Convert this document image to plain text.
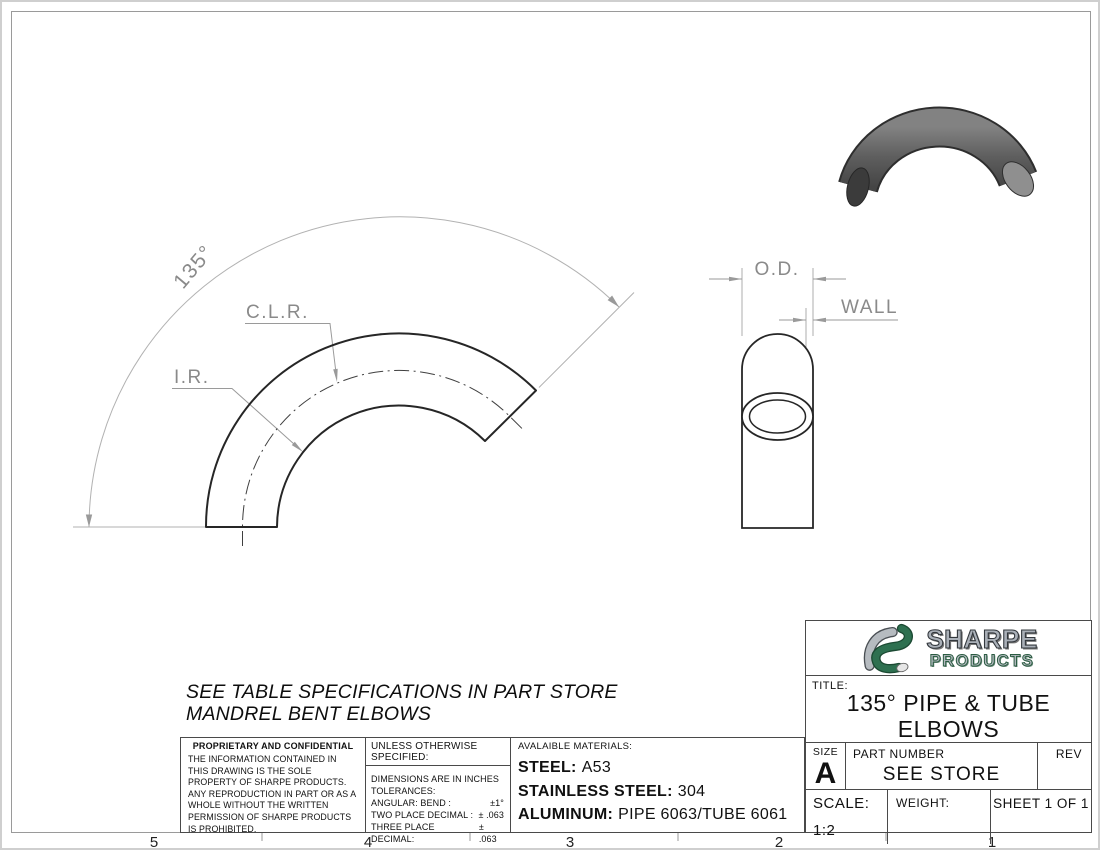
135°
C.L.R.
I.R.
O.D.
WALL
5	4	3	2	1
SEE TABLE SPECIFICATIONS IN PART STORE
MANDREL BENT ELBOWS
PROPRIETARY AND CONFIDENTIAL
THE INFORMATION CONTAINED IN THIS DRAWING IS THE SOLE PROPERTY OF SHARPE PRODUCTS. ANY REPRODUCTION IN PART OR AS A WHOLE WITHOUT THE WRITTEN PERMISSION OF SHARPE PRODUCTS IS PROHIBITED.
UNLESS OTHERWISE SPECIFIED:
DIMENSIONS ARE IN INCHES
TOLERANCES:
ANGULAR: BEND :	±1°
TWO PLACE DECIMAL : ± .063
THREE PLACE DECIMAL:
± .063
AVALAIBLE MATERIALS:
STEEL: A53
STAINLESS STEEL: 304
ALUMINUM: PIPE 6063/TUBE 6061
SHARPE
PRODUCTS
TITLE:
135° PIPE & TUBE
ELBOWS
SIZE
A
PART NUMBER
SEE STORE
REV
SCALE: 1:2
WEIGHT:	SHEET 1 OF 1
